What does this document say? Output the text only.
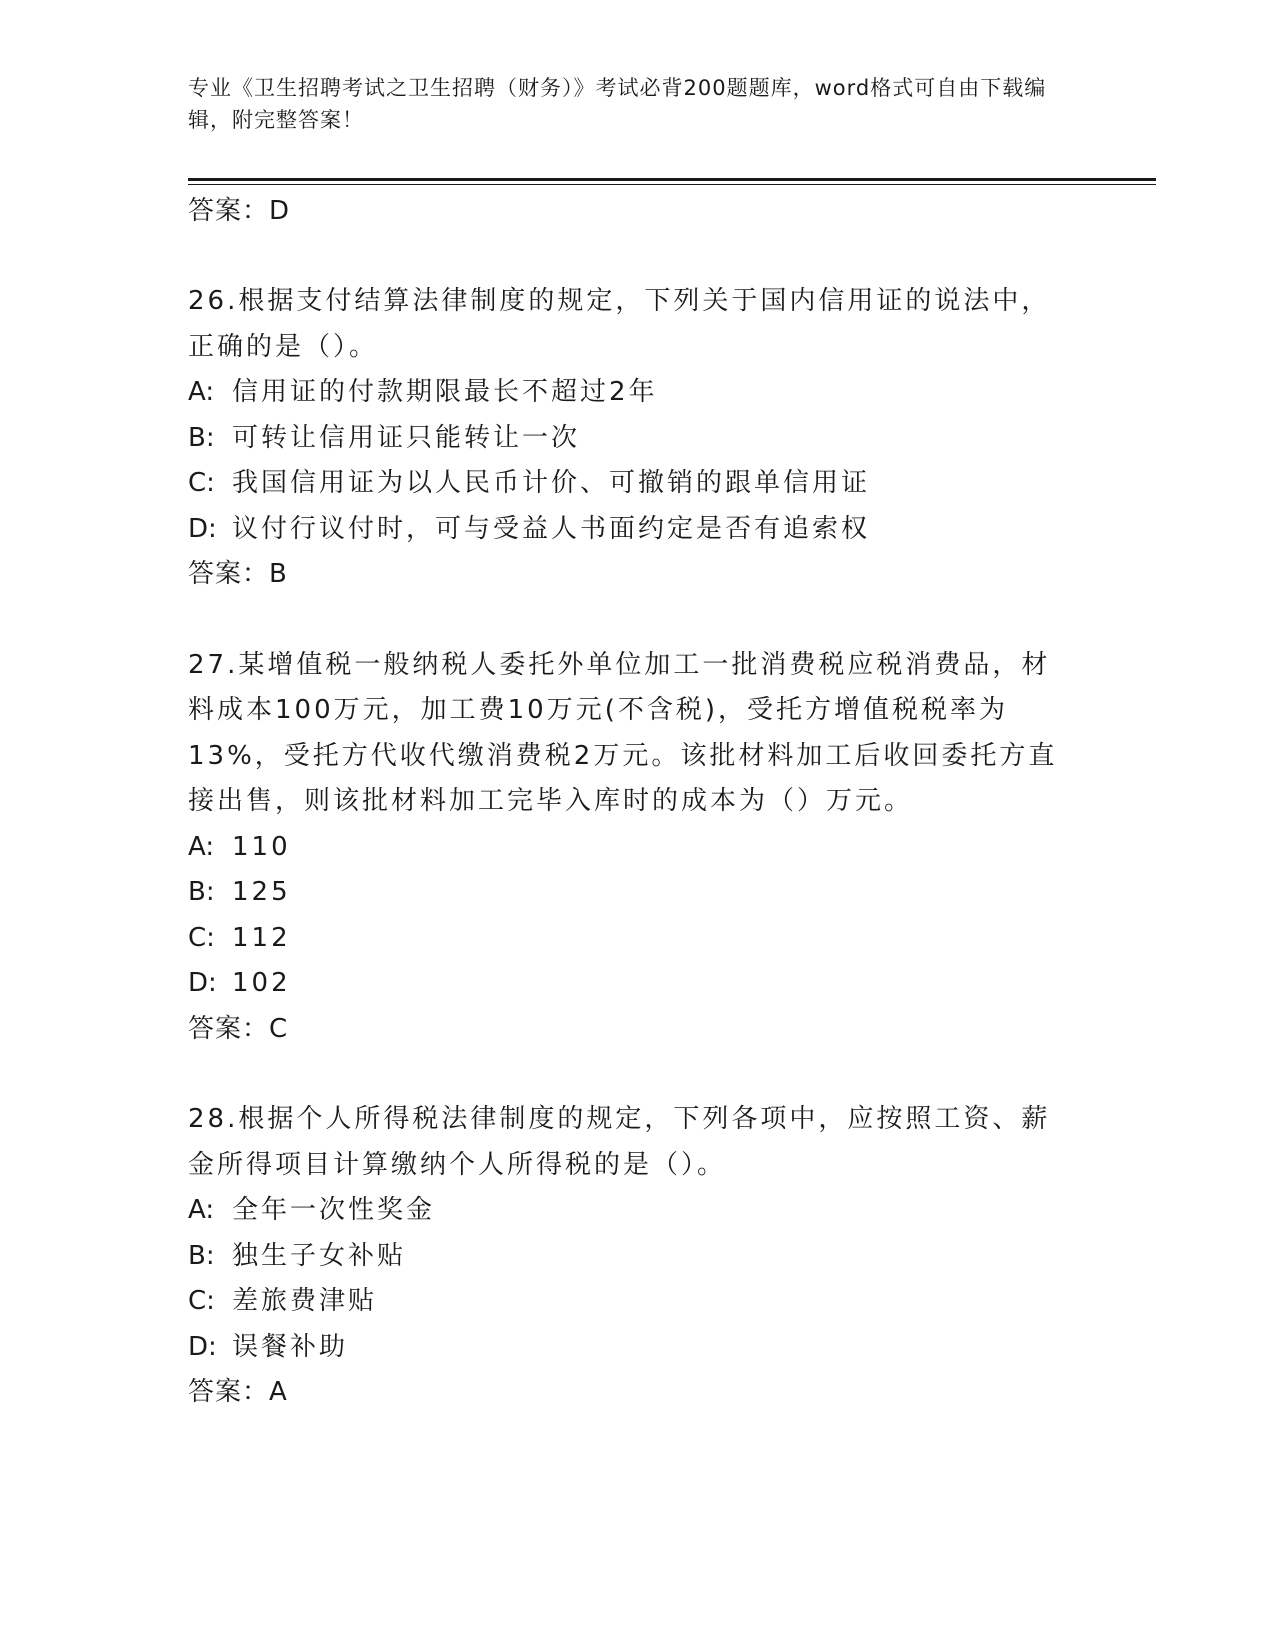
专业《卫生招聘考试之卫生招聘（财务）》考试必背200题题库，word格式可自由下载编辑，附完整答案！
答案：D
26.根据支付结算法律制度的规定，下列关于国内信用证的说法中，正确的是（）。
A: 信用证的付款期限最长不超过2年
B: 可转让信用证只能转让一次
C: 我国信用证为以人民币计价、可撤销的跟单信用证
D: 议付行议付时，可与受益人书面约定是否有追索权
答案：B
27.某增值税一般纳税人委托外单位加工一批消费税应税消费品，材料成本100万元，加工费10万元(不含税)，受托方增值税税率为13%，受托方代收代缴消费税2万元。该批材料加工后收回委托方直接出售，则该批材料加工完毕入库时的成本为（）万元。
A: 110
B: 125
C: 112
D: 102
答案：C
28.根据个人所得税法律制度的规定，下列各项中，应按照工资、薪金所得项目计算缴纳个人所得税的是（）。
A: 全年一次性奖金
B: 独生子女补贴
C: 差旅费津贴
D: 误餐补助
答案：A
